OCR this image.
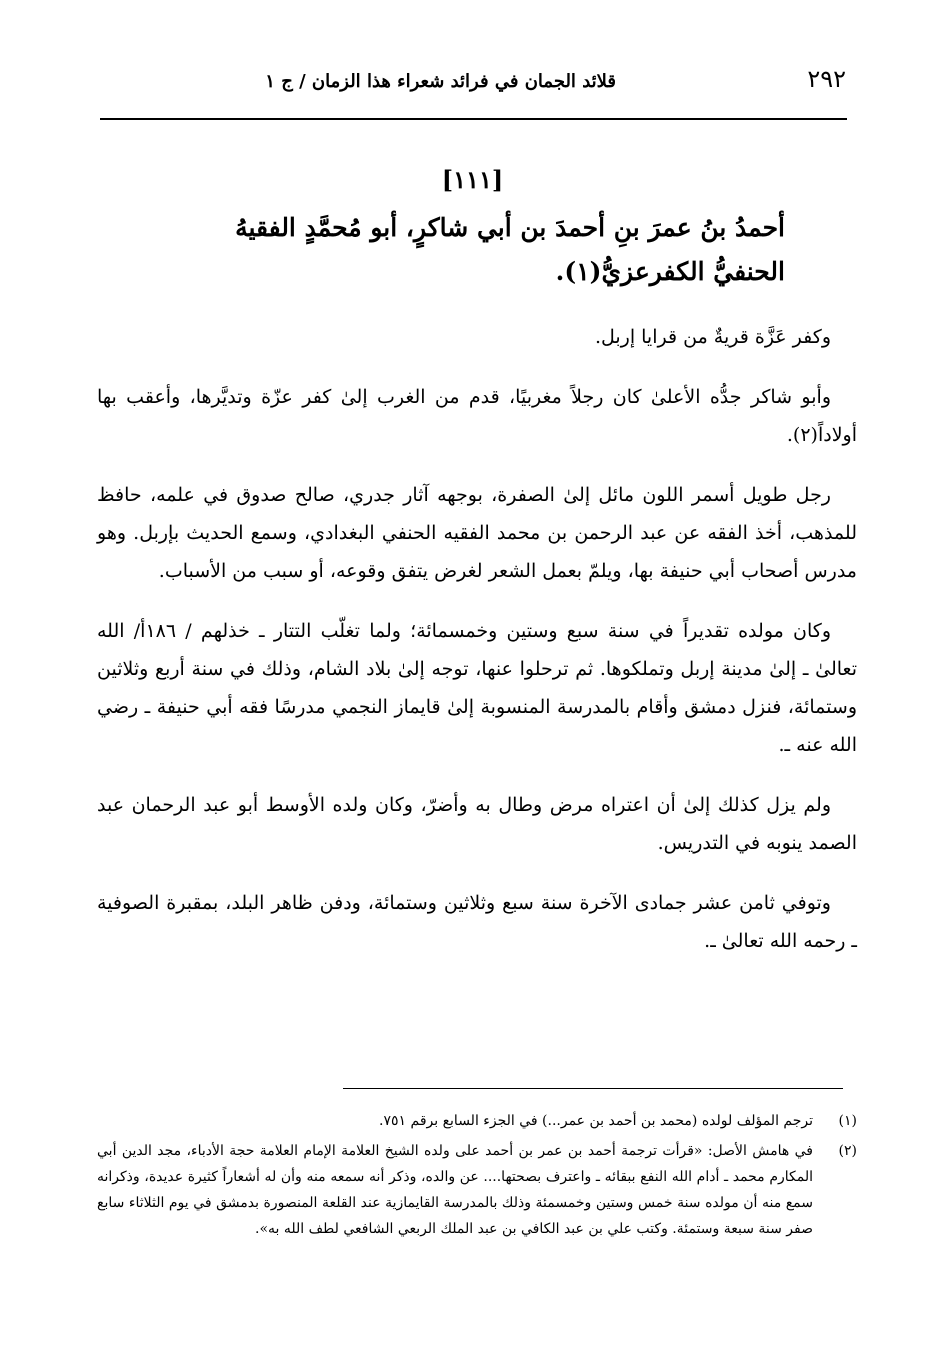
٢٩٢
قلائد الجمان في فرائد شعراء هذا الزمان / ج ١
[١١١]
أحمدُ بنُ عمرَ بنِ أحمدَ بن أبي شاكرٍ، أبو مُحمَّدٍ الفقيهُ الحنفيُّ الكفرعزيُّ(١).

وكفر عَزَّة قريةٌ من قرايا إربل.

وأبو شاكر جدُّه الأعلىٰ كان رجلاً مغربيًا، قدم من الغرب إلىٰ كفر عزّة وتديَّرها، وأعقب بها أولاداً(٢).

رجل طويل أسمر اللون مائل إلىٰ الصفرة، بوجهه آثار جدري، صالح صدوق في علمه، حافظ للمذهب، أخذ الفقه عن عبد الرحمن بن محمد الفقيه الحنفي البغدادي، وسمع الحديث بإربل. وهو مدرس أصحاب أبي حنيفة بها، ويلمّ بعمل الشعر لغرض يتفق وقوعه، أو سبب من الأسباب.

وكان مولده تقديراً في سنة سبع وستين وخمسمائة؛ ولما تغلّب التتار ـ خذلهم / ١٨٦أ/ الله تعالىٰ ـ إلىٰ مدينة إربل وتملكوها. ثم ترحلوا عنها، توجه إلىٰ بلاد الشام، وذلك في سنة أربع وثلاثين وستمائة، فنزل دمشق وأقام بالمدرسة المنسوبة إلىٰ قايماز النجمي مدرسًا فقه أبي حنيفة ـ رضي الله عنه ـ.

ولم يزل كذلك إلىٰ أن اعتراه مرض وطال به وأضرّ، وكان ولده الأوسط أبو عبد الرحمان عبد الصمد ينوبه في التدريس.

وتوفي ثامن عشر جمادى الآخرة سنة سبع وثلاثين وستمائة، ودفن ظاهر البلد، بمقبرة الصوفية ـ رحمه الله تعالىٰ ـ.

(١)
ترجم المؤلف لولده (محمد بن أحمد بن عمر...) في الجزء السابع برقم ٧٥١.
(٢)
في هامش الأصل: «قرأت ترجمة أحمد بن عمر بن أحمد على ولده الشيخ العلامة الإمام العلامة حجة الأدباء، مجد الدين أبي المكارم محمد ـ أدام الله النفع ببقائه ـ واعترف بصحتها.... عن والده، وذكر أنه سمعه منه وأن له أشعاراً كثيرة عديدة، وذكرانه سمع منه أن مولده سنة خمس وستين وخمسمئة وذلك بالمدرسة القايمازية عند القلعة المنصورة بدمشق في يوم الثلاثاء سابع صفر سنة سبعة وستمئة. وكتب علي بن عبد الكافي بن عبد الملك الربعي الشافعي لطف الله به».
